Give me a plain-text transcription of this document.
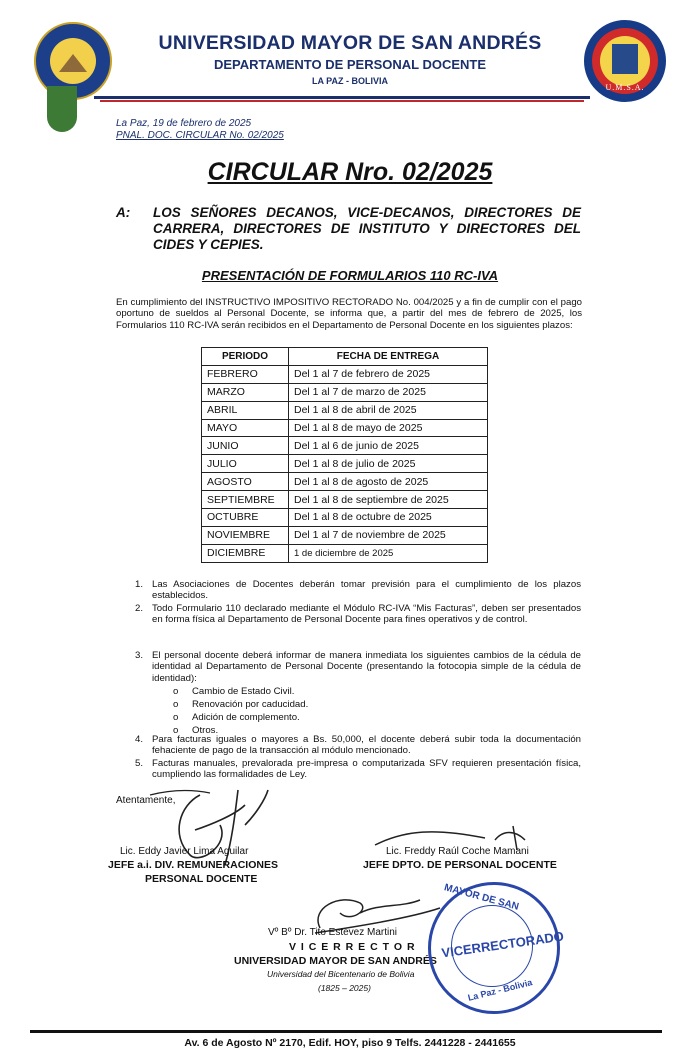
U.M.S.A.
UNIVERSIDAD MAYOR DE SAN ANDRÉS
DEPARTAMENTO DE PERSONAL DOCENTE
LA PAZ - BOLIVIA
La Paz, 19 de febrero de 2025
PNAL. DOC. CIRCULAR No. 02/2025
CIRCULAR Nro. 02/2025
A: LOS SEÑORES DECANOS, VICE-DECANOS, DIRECTORES DE CARRERA, DIRECTORES DE INSTITUTO Y DIRECTORES DEL CIDES Y CEPIES.
PRESENTACIÓN DE FORMULARIOS 110 RC-IVA
En cumplimiento del INSTRUCTIVO IMPOSITIVO RECTORADO No. 004/2025 y a fin de cumplir con el pago oportuno de sueldos al Personal Docente, se informa que, a partir del mes de febrero de 2025, los Formularios 110 RC-IVA serán recibidos en el Departamento de Personal Docente en los siguientes plazos:
PERIODO	FECHA DE ENTREGA
FEBRERO	Del 1 al 7 de febrero de 2025
MARZO	Del 1 al 7 de marzo de 2025
ABRIL	Del 1 al 8 de abril de 2025
MAYO	Del 1 al 8 de mayo de 2025
JUNIO	Del 1 al 6 de junio de 2025
JULIO	Del 1 al 8 de julio de 2025
AGOSTO	Del 1 al 8 de agosto de 2025
SEPTIEMBRE	Del 1 al 8 de septiembre de 2025
OCTUBRE	Del 1 al 8 de octubre de 2025
NOVIEMBRE	Del 1 al 7 de noviembre de 2025
DICIEMBRE	1 de diciembre de 2025
1. Las Asociaciones de Docentes deberán tomar previsión para el cumplimiento de los plazos establecidos.
2. Todo Formulario 110 declarado mediante el Módulo RC-IVA “Mis Facturas”, deben ser presentados en forma física al Departamento de Personal Docente para fines operativos y de control.
3. El personal docente deberá informar de manera inmediata los siguientes cambios de la cédula de identidad al Departamento de Personal Docente (presentando la fotocopia simple de la cédula de identidad):
o Cambio de Estado Civil.
o Renovación por caducidad.
o Adición de complemento.
o Otros.
4. Para facturas iguales o mayores a Bs. 50,000, el docente deberá subir toda la documentación fehaciente de pago de la transacción al módulo mencionado.
5. Facturas manuales, prevalorada pre-impresa o computarizada SFV requieren presentación física, cumpliendo las formalidades de Ley.
Atentamente,
Lic. Eddy Javier Lima Aguilar
JEFE a.i. DIV. REMUNERACIONES
PERSONAL DOCENTE
Lic. Freddy Raúl Coche Mamani
JEFE DPTO. DE PERSONAL DOCENTE
Vº Bº Dr. Tito Estevez Martini
V I C E R R E C T O R
UNIVERSIDAD MAYOR DE SAN ANDRÉS
Universidad del Bicentenario de Bolivia
(1825 – 2025)
MAYOR DE SAN
VICERRECTORADO
La Paz - Bolivia
Av. 6 de Agosto Nº 2170, Edif. HOY, piso 9 Telfs. 2441228 - 2441655
